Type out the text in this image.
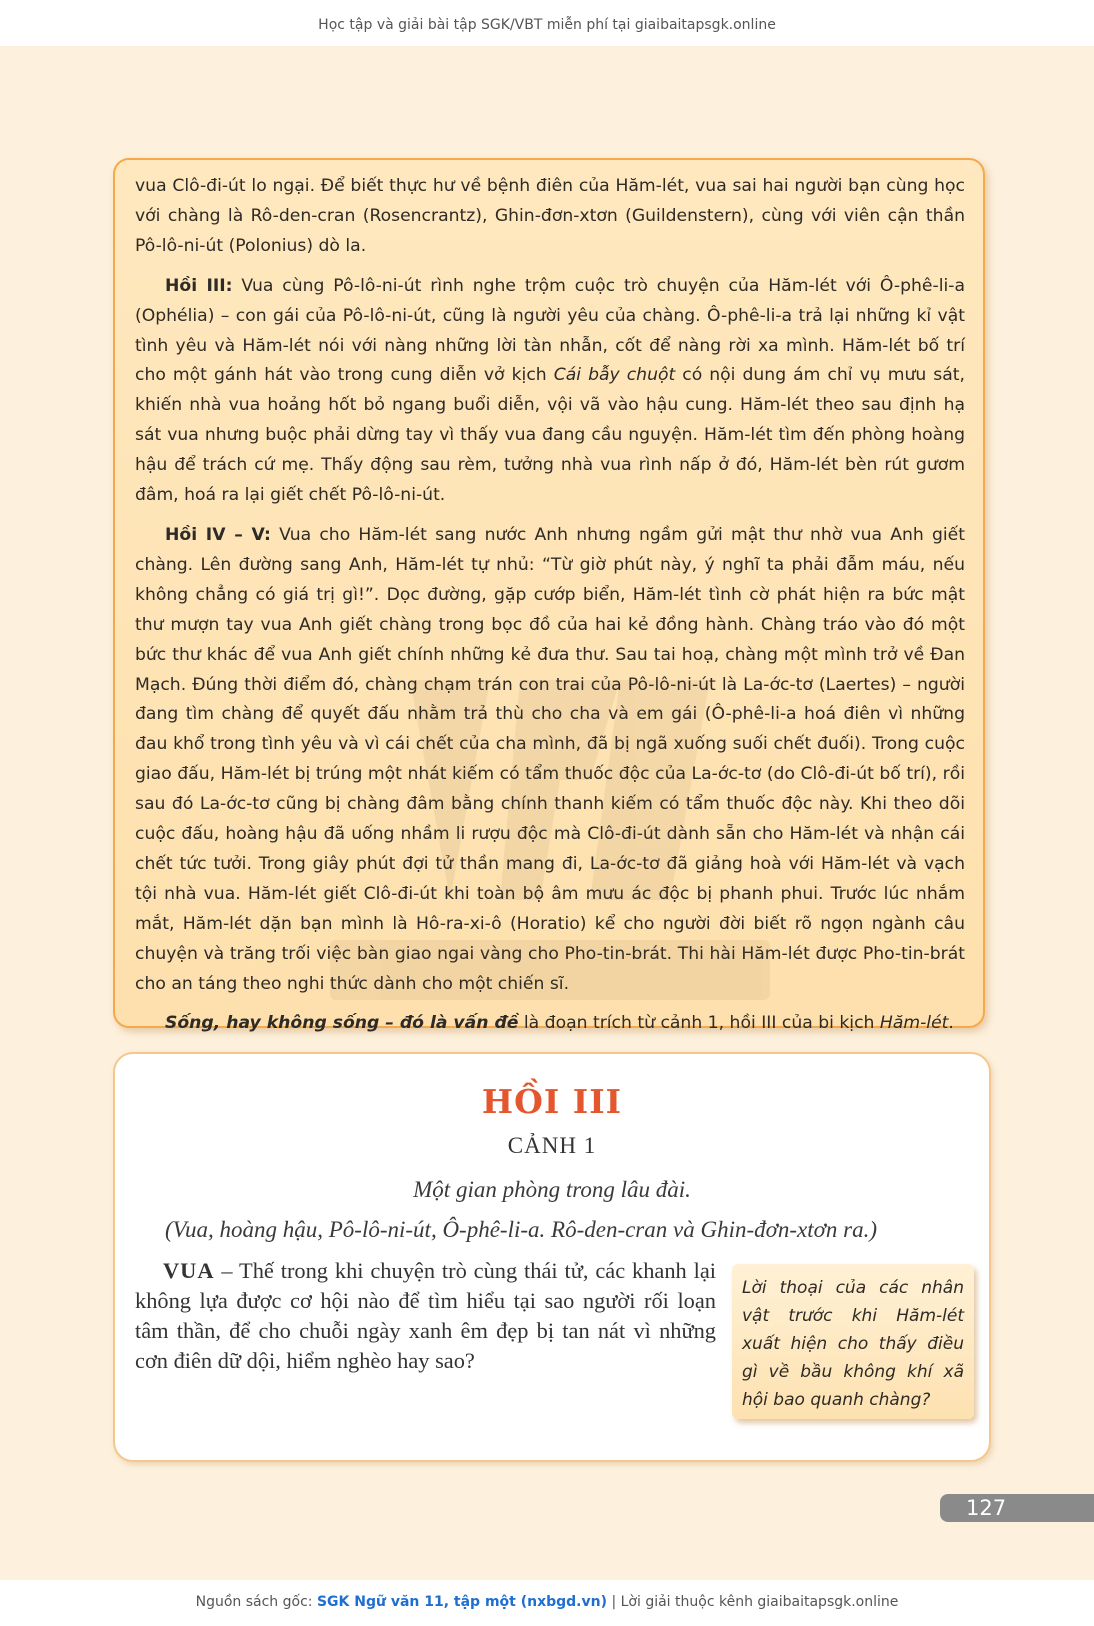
Học tập và giải bài tập SGK/VBT miễn phí tại giaibaitapsgk.online

vua Clô-đi-út lo ngại. Để biết thực hư về bệnh điên của Hăm-lét, vua sai hai người bạn cùng học với chàng là Rô-den-cran (Rosencrantz), Ghin-đơn-xtơn (Guildenstern), cùng với viên cận thần Pô-lô-ni-út (Polonius) dò la.

Hồi III: Vua cùng Pô-lô-ni-út rình nghe trộm cuộc trò chuyện của Hăm-lét với Ô-phê-li-a (Ophélia) – con gái của Pô-lô-ni-út, cũng là người yêu của chàng. Ô-phê-li-a trả lại những kỉ vật tình yêu và Hăm-lét nói với nàng những lời tàn nhẫn, cốt để nàng rời xa mình. Hăm-lét bố trí cho một gánh hát vào trong cung diễn vở kịch Cái bẫy chuột có nội dung ám chỉ vụ mưu sát, khiến nhà vua hoảng hốt bỏ ngang buổi diễn, vội vã vào hậu cung. Hăm-lét theo sau định hạ sát vua nhưng buộc phải dừng tay vì thấy vua đang cầu nguyện. Hăm-lét tìm đến phòng hoàng hậu để trách cứ mẹ. Thấy động sau rèm, tưởng nhà vua rình nấp ở đó, Hăm-lét bèn rút gươm đâm, hoá ra lại giết chết Pô-lô-ni-út.

Hồi IV – V: Vua cho Hăm-lét sang nước Anh nhưng ngầm gửi mật thư nhờ vua Anh giết chàng. Lên đường sang Anh, Hăm-lét tự nhủ: “Từ giờ phút này, ý nghĩ ta phải đẫm máu, nếu không chẳng có giá trị gì!”. Dọc đường, gặp cướp biển, Hăm-lét tình cờ phát hiện ra bức mật thư mượn tay vua Anh giết chàng trong bọc đồ của hai kẻ đồng hành. Chàng tráo vào đó một bức thư khác để vua Anh giết chính những kẻ đưa thư. Sau tai hoạ, chàng một mình trở về Đan Mạch. Đúng thời điểm đó, chàng chạm trán con trai của Pô-lô-ni-út là La-ớc-tơ (Laertes) – người đang tìm chàng để quyết đấu nhằm trả thù cho cha và em gái (Ô-phê-li-a hoá điên vì những đau khổ trong tình yêu và vì cái chết của cha mình, đã bị ngã xuống suối chết đuối). Trong cuộc giao đấu, Hăm-lét bị trúng một nhát kiếm có tẩm thuốc độc của La-ớc-tơ (do Clô-đi-út bố trí), rồi sau đó La-ớc-tơ cũng bị chàng đâm bằng chính thanh kiếm có tẩm thuốc độc này. Khi theo dõi cuộc đấu, hoàng hậu đã uống nhầm li rượu độc mà Clô-đi-út dành sẵn cho Hăm-lét và nhận cái chết tức tưởi. Trong giây phút đợi tử thần mang đi, La-ớc-tơ đã giảng hoà với Hăm-lét và vạch tội nhà vua. Hăm-lét giết Clô-đi-út khi toàn bộ âm mưu ác độc bị phanh phui. Trước lúc nhắm mắt, Hăm-lét dặn bạn mình là Hô-ra-xi-ô (Horatio) kể cho người đời biết rõ ngọn ngành câu chuyện và trăng trối việc bàn giao ngai vàng cho Pho-tin-brát. Thi hài Hăm-lét được Pho-tin-brát cho an táng theo nghi thức dành cho một chiến sĩ.

Sống, hay không sống – đó là vấn đề là đoạn trích từ cảnh 1, hồi III của bi kịch Hăm-lét.

HỒI III
CẢNH 1
Một gian phòng trong lâu đài.
(Vua, hoàng hậu, Pô-lô-ni-út, Ô-phê-li-a. Rô-den-cran và Ghin-đơn-xtơn ra.)
VUA – Thế trong khi chuyện trò cùng thái tử, các khanh lại không lựa được cơ hội nào để tìm hiểu tại sao người rối loạn tâm thần, để cho chuỗi ngày xanh êm đẹp bị tan nát vì những cơn điên dữ dội, hiểm nghèo hay sao?
Lời thoại của các nhân vật trước khi Hăm-lét xuất hiện cho thấy điều gì về bầu không khí xã hội bao quanh chàng?
127
Nguồn sách gốc: SGK Ngữ văn 11, tập một (nxbgd.vn) | Lời giải thuộc kênh giaibaitapsgk.online
